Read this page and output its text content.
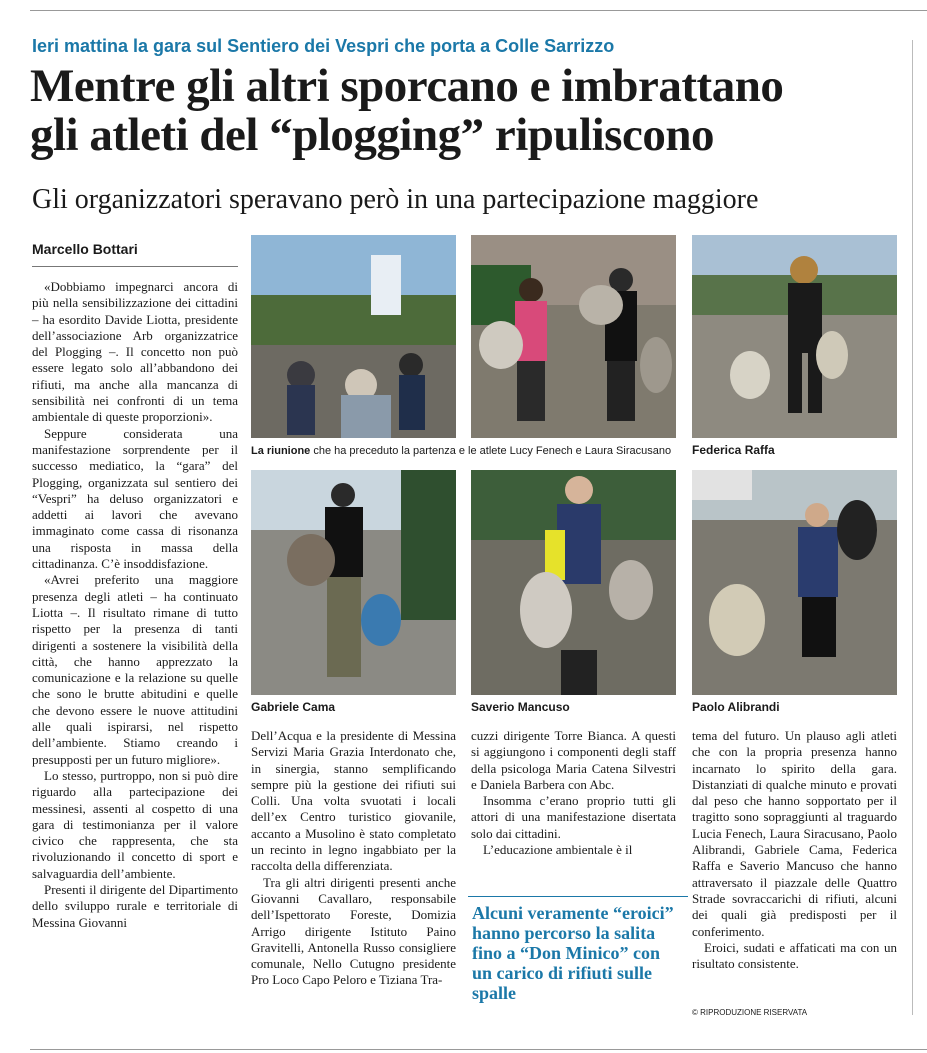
Ieri mattina la gara sul Sentiero dei Vespri che porta a Colle Sarrizzo
Mentre gli altri sporcano e imbrattano
gli atleti del “plogging” ripuliscono
Gli organizzatori speravano però in una partecipazione maggiore
Marcello Bottari

«Dobbiamo impegnarci ancora di più nella sensibilizzazione dei cittadini – ha esordito Davide Liotta, presidente dell’associazione Arb organizzatrice del Plogging –. Il concetto non può essere legato solo all’abbandono dei rifiuti, ma anche alla mancanza di sensibilità nei confronti di un tema ambientale di queste proporzioni».

Seppure considerata una manifestazione sorprendente per il successo mediatico, la “gara” del Plogging, organizzata sul sentiero dei “Vespri” ha deluso organizzatori e addetti ai lavori che avevano immaginato come cassa di risonanza una risposta in massa della cittadinanza. C’è insoddisfazione.

«Avrei preferito una maggiore presenza degli atleti – ha continuato Liotta –. Il risultato rimane di tutto rispetto per la presenza di tanti dirigenti a sostenere la visibilità della città, che hanno apprezzato la comunicazione e la relazione su quelle che sono le brutte abitudini e quelle che devono essere le nuove attitudini alle quali ispirarsi, nel rispetto dell’ambiente. Stiamo creando i presupposti per un futuro migliore».

Lo stesso, purtroppo, non si può dire riguardo alla partecipazione dei messinesi, assenti al cospetto di una gara di testimonianza per il valore civico che rappresenta, che sta rivoluzionando il concetto di sport e salvaguardia dell’ambiente.

Presenti il dirigente del Dipartimento dello sviluppo rurale e territoriale di Messina Giovanni

La riunione che ha preceduto la partenza e le atlete Lucy Fenech e Laura Siracusano Federica Raffa
Gabriele Cama	Saverio Mancuso	Paolo Alibrandi

Dell’Acqua e la presidente di Messina Servizi Maria Grazia Interdonato che, in sinergia, stanno semplificando sempre più la gestione dei rifiuti sui Colli. Una volta svuotati i locali dell’ex Centro turistico giovanile, accanto a Musolino è stato completato un recinto in legno ingabbiato per la raccolta della differenziata.

Tra gli altri dirigenti presenti anche Giovanni Cavallaro, responsabile dell’Ispettorato Foreste, Domizia Arrigo dirigente Istituto Paino Gravitelli, Antonella Russo consigliere comunale, Nello Cutugno presidente Pro Loco Capo Peloro e Tiziana Tra-

cuzzi dirigente Torre Bianca. A questi si aggiungono i componenti degli staff della psicologa Maria Catena Silvestri e Daniela Barbera con Abc.

Insomma c’erano proprio tutti gli attori di una manifestazione disertata solo dai cittadini.

L’educazione ambientale è il

tema del futuro. Un plauso agli atleti che con la propria presenza hanno incarnato lo spirito della gara. Distanziati di qualche minuto e provati dal peso che hanno sopportato per il tragitto sono sopraggiunti al traguardo Lucia Fenech, Laura Siracusano, Paolo Alibrandi, Gabriele Cama, Federica Raffa e Saverio Mancuso che hanno attraversato il piazzale delle Quattro Strade sovraccarichi di rifiuti, alcuni dei quali già predisposti per il conferimento.

Eroici, sudati e affaticati ma con un risultato consistente.

Alcuni veramente “eroici” hanno percorso la salita fino a “Don Minico” con un carico di rifiuti sulle spalle
© RIPRODUZIONE RISERVATA
